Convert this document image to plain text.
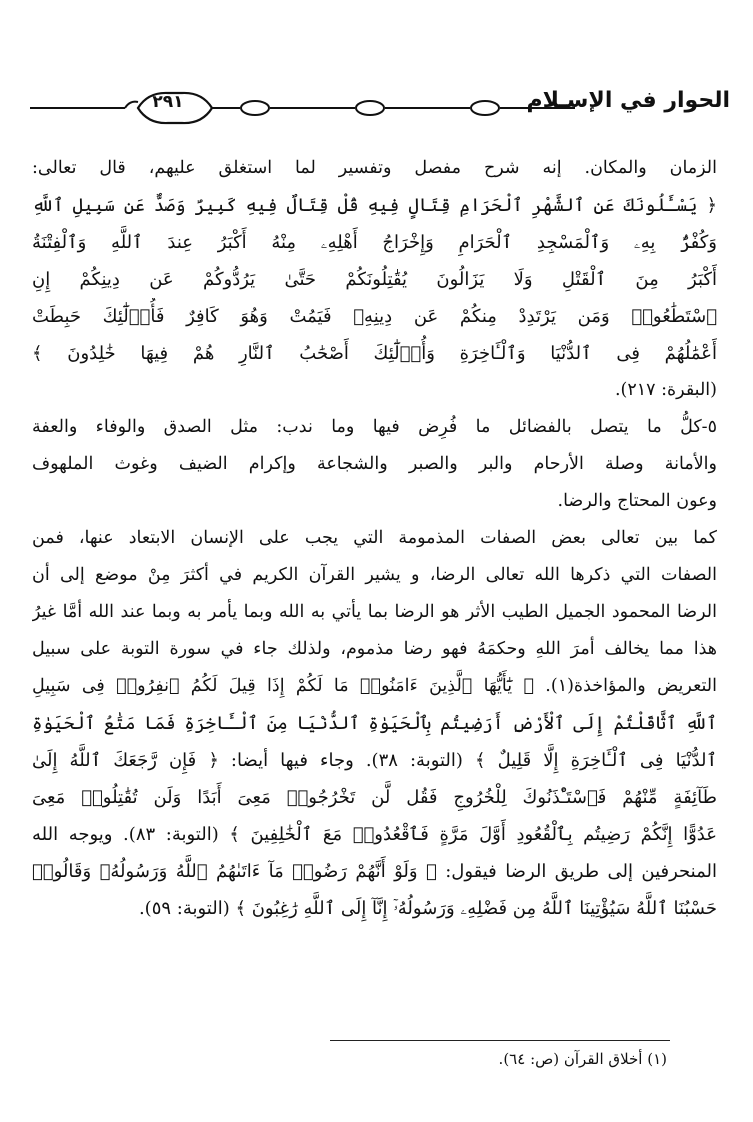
٢٩١	الحوار في الإسـلام
الزمان والمكان. إنه شرح مفصل وتفسير لما استغلق عليهم، قال تعالى:
﴿ يَسْـَٔلُونَكَ عَنِ ٱلشَّهْرِ ٱلْحَرَامِ قِتَالٍ فِيهِ قُلْ قِتَالٌ فِيهِ كَبِيرٌ وَصَدٌّ عَن سَبِيلِ ٱللَّهِ
وَكُفْرٌۢ بِهِۦ وَٱلْمَسْجِدِ ٱلْحَرَامِ وَإِخْرَاجُ أَهْلِهِۦ مِنْهُ أَكْبَرُ عِندَ ٱللَّهِ وَٱلْفِتْنَةُ
أَكْبَرُ مِنَ ٱلْقَتْلِ وَلَا يَزَالُونَ يُقَٰتِلُونَكُمْ حَتَّىٰ يَرُدُّوكُمْ عَن دِينِكُمْ إِنِ
ٱسْتَطَٰعُوا۟ وَمَن يَرْتَدِدْ مِنكُمْ عَن دِينِهِۦ فَيَمُتْ وَهُوَ كَافِرٌ فَأُو۟لَٰٓئِكَ حَبِطَتْ
أَعْمَٰلُهُمْ فِى ٱلدُّنْيَا وَٱلْـَٔاخِرَةِ وَأُو۟لَٰٓئِكَ أَصْحَٰبُ ٱلنَّارِ هُمْ فِيهَا خَٰلِدُونَ ﴾
(البقرة: ٢١٧).
٥-كلُّ ما يتصل بالفضائل ما فُرِض فيها وما ندب: مثل الصدق والوفاء والعفة
والأمانة وصلة الأرحام والبر والصبر والشجاعة وإكرام الضيف وغوث الملهوف
وعون المحتاج والرضا.
كما بين تعالى بعض الصفات المذمومة التي يجب على الإنسان الابتعاد عنها، فمن
الصفات التي ذكرها الله تعالى الرضا، و يشير القرآن الكريم في أكثرَ مِنْ موضع إلى أن
الرضا المحمود الجميل الطيب الأثر هو الرضا بما يأتي به الله وبما يأمر به وبما عند الله أمَّا غيرُ
هذا مما يخالف أمرَ اللهِ وحكمَهُ فهو رضا مذموم، ولذلك جاء في سورة التوبة على سبيل
التعريض والمؤاخذة(١). ﴿ يَٰٓأَيُّهَا ٱلَّذِينَ ءَامَنُوا۟ مَا لَكُمْ إِذَا قِيلَ لَكُمُ ٱنفِرُوا۟ فِى سَبِيلِ
ٱللَّهِ ٱثَّاقَلْتُمْ إِلَى ٱلْأَرْضِ أَرَضِيتُم بِٱلْحَيَوٰةِ ٱلدُّنْيَا مِنَ ٱلْـَٔاخِرَةِ فَمَا مَتَٰعُ ٱلْحَيَوٰةِ
ٱلدُّنْيَا فِى ٱلْـَٔاخِرَةِ إِلَّا قَلِيلٌ ﴾ (التوبة: ٣٨). وجاء فيها أيضا: ﴿ فَإِن رَّجَعَكَ ٱللَّهُ إِلَىٰ
طَآئِفَةٍ مِّنْهُمْ فَٱسْتَـْٔذَنُوكَ لِلْخُرُوجِ فَقُل لَّن تَخْرُجُوا۟ مَعِىَ أَبَدًا وَلَن تُقَٰتِلُوا۟ مَعِىَ
عَدُوًّا إِنَّكُمْ رَضِيتُم بِٱلْقُعُودِ أَوَّلَ مَرَّةٍ فَٱقْعُدُوا۟ مَعَ ٱلْخَٰلِفِينَ ﴾ (التوبة: ٨٣). ويوجه الله
المنحرفين إلى طريق الرضا فيقول: ﴿ وَلَوْ أَنَّهُمْ رَضُوا۟ مَآ ءَاتَىٰهُمُ ٱللَّهُ وَرَسُولُهُۥ وَقَالُوا۟
حَسْبُنَا ٱللَّهُ سَيُؤْتِينَا ٱللَّهُ مِن فَضْلِهِۦ وَرَسُولُهُۥٓ إِنَّآ إِلَى ٱللَّهِ رَٰغِبُونَ ﴾ (التوبة: ٥٩).
(١) أخلاق القرآن (ص: ٦٤).
